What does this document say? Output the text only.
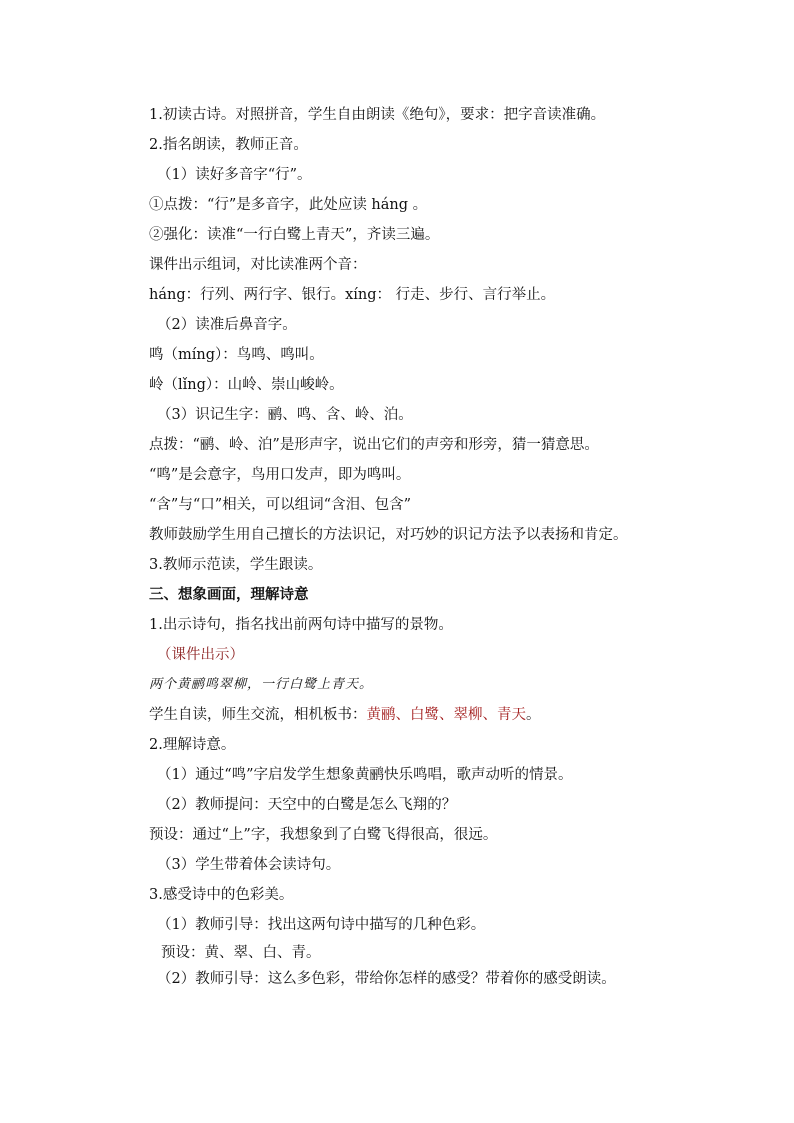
1.初读古诗。对照拼音，学生自由朗读《绝句》，要求：把字音读准确。
2.指名朗读，教师正音。
（1）读好多音字“行”。
①点拨：“行”是多音字，此处应读 háng 。
②强化：读准“一行白鹭上青天”，齐读三遍。
课件出示组词，对比读准两个音：
háng：行列、两行字、银行。xíng： 行走、步行、言行举止。
（2）读准后鼻音字。
鸣（míng）：鸟鸣、鸣叫。
岭（lǐng）：山岭、崇山峻岭。
（3）识记生字：鹂、鸣、含、岭、泊。
点拨：“鹂、岭、泊”是形声字，说出它们的声旁和形旁，猜一猜意思。
“鸣”是会意字，鸟用口发声，即为鸣叫。
“含”与“口”相关，可以组词“含泪、包含”
教师鼓励学生用自己擅长的方法识记，对巧妙的识记方法予以表扬和肯定。
3.教师示范读，学生跟读。
三、想象画面，理解诗意
1.出示诗句，指名找出前两句诗中描写的景物。
（课件出示）
两个黄鹂鸣翠柳，一行白鹭上青天。
学生自读，师生交流，相机板书：黄鹂、白鹭、翠柳、青天。
2.理解诗意。
（1）通过“鸣”字启发学生想象黄鹂快乐鸣唱，歌声动听的情景。
（2）教师提问：天空中的白鹭是怎么飞翔的？
预设：通过“上”字，我想象到了白鹭飞得很高，很远。
（3）学生带着体会读诗句。
3.感受诗中的色彩美。
（1）教师引导：找出这两句诗中描写的几种色彩。
预设：黄、翠、白、青。
（2）教师引导：这么多色彩，带给你怎样的感受？带着你的感受朗读。
